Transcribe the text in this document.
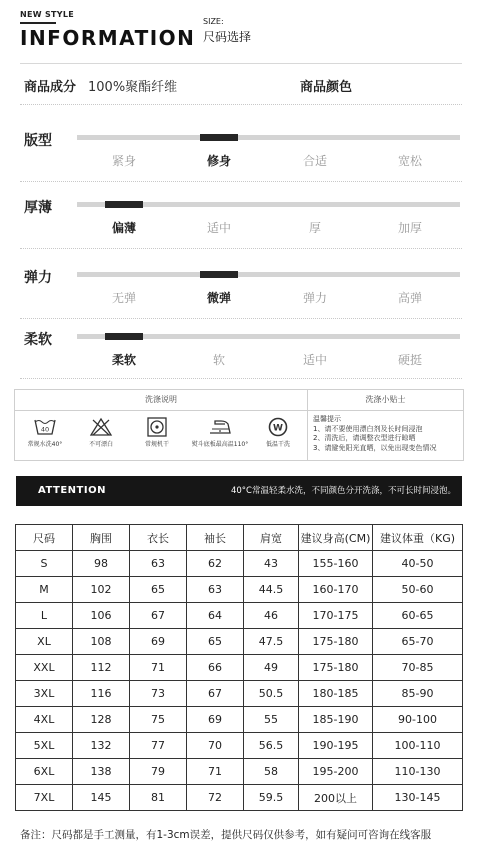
NEW STYLE
INFORMATION
SIZE:
尺码选择
商品成分 100%聚酯纤维	商品颜色
版型
紧身	修身	合适	宽松
厚薄
偏薄	适中	厚	加厚
弹力
无弹	微弹	弹力	高弹
柔软
柔软	软	适中	硬挺
洗涤说明	洗涤小贴士
40
常规水洗40°	不可漂白	常规机干	熨斗底板最高温110°
W
低温干洗
温馨提示
1、请不要使用漂白剂及长时间浸泡
2、清洗后，请调整衣型进行晾晒
3、请避免阳光直晒，以免出现变色情况
ATTENTION	40°C常温轻柔水洗，不同颜色分开洗涤，不可长时间浸泡。
尺码	胸围	衣长	袖长	肩宽	建议身高(CM)	建议体重（KG)
S	98	63	62	43	155-160	40-50
M	102	65	63	44.5	160-170	50-60
L	106	67	64	46	170-175	60-65
XL	108	69	65	47.5	175-180	65-70
XXL	112	71	66	49	175-180	70-85
3XL	116	73	67	50.5	180-185	85-90
4XL	128	75	69	55	185-190	90-100
5XL	132	77	70	56.5	190-195	100-110
6XL	138	79	71	58	195-200	110-130
7XL	145	81	72	59.5	200以上	130-145
备注：尺码都是手工测量，有1-3cm误差，提供尺码仅供参考，如有疑问可咨询在线客服
